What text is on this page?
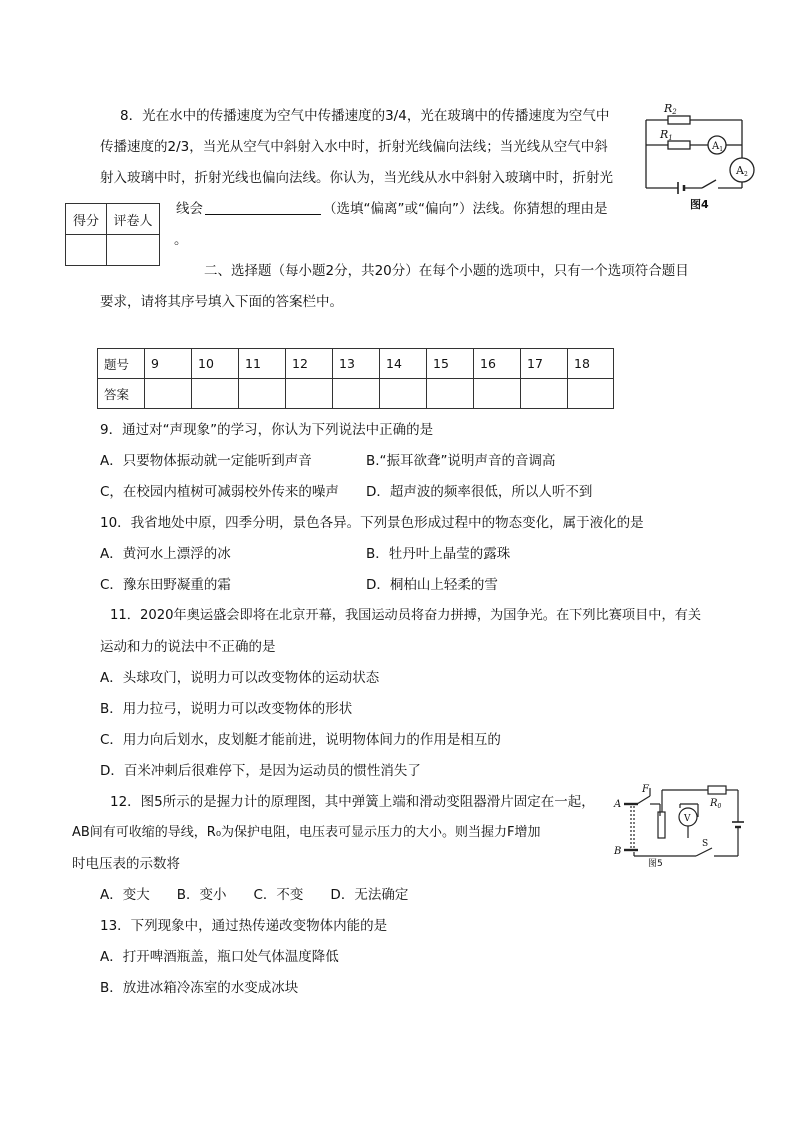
8．光在水中的传播速度为空气中传播速度的3/4，光在玻璃中的传播速度为空气中
传播速度的2/3，当光从空气中斜射入水中时，折射光线偏向法线；当光线从空气中斜
射入玻璃中时，折射光线也偏向法线。你认为，当光线从水中斜射入玻璃中时，折射光
线会	（选填“偏离”或“偏向”）法线。你猜想的理由是
。
R2
R1
$A_1$
A2
图4
得分	评卷人

二、选择题（每小题2分，共20分）在每个小题的选项中，只有一个选项符合题目
要求，请将其序号填入下面的答案栏中。
题号	9	10	11	12	13	14	15	16	17	18
答案										
9．通过对“声现象”的学习，你认为下列说法中正确的是
A．只要物体振动就一定能听到声音	B.“振耳欲聋”说明声音的音调高
C，在校园内植树可减弱校外传来的噪声 D．超声波的频率很低，所以人听不到
10．我省地处中原，四季分明，景色各异。下列景色形成过程中的物态变化，属于液化的是
A．黄河水上漂浮的冰	B．牡丹叶上晶莹的露珠
C．豫东田野凝重的霜	D．桐柏山上轻柔的雪
11．2020年奥运盛会即将在北京开幕，我国运动员将奋力拼搏，为国争光。在下列比赛项目中，有关
运动和力的说法中不正确的是
A．头球攻门，说明力可以改变物体的运动状态
B．用力拉弓，说明力可以改变物体的形状
C．用力向后划水，皮划艇才能前进，说明物体间力的作用是相互的
D．百米冲刺后很难停下，是因为运动员的惯性消失了
12．图5所示的是握力计的原理图，其中弹簧上端和滑动变阻器滑片固定在一起，
AB间有可收缩的导线，R₀为保护电阻，电压表可显示压力的大小。则当握力F增加
时电压表的示数将
A．变大　　B．变小　　C．不变　　D．无法确定
F
A
B
V
$R_0$
S
图5
13．下列现象中，通过热传递改变物体内能的是
A．打开啤酒瓶盖，瓶口处气体温度降低
B．放进冰箱冷冻室的水变成冰块
